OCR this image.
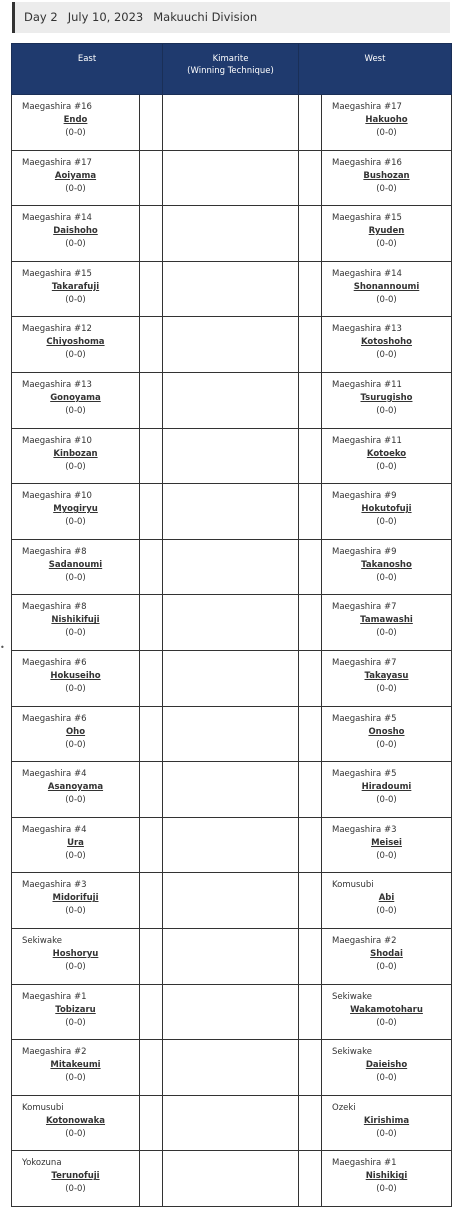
Day 2 July 10, 2023 Makuuchi Division
•
East		Kimarite
(Winning Technique)	West	

Maegashira #16
Endo
(0-0)				Maegashira #17
Hakuoho
(0-0)

Maegashira #17
Aoiyama
(0-0)				Maegashira #16
Bushozan
(0-0)

Maegashira #14
Daishoho
(0-0)				Maegashira #15
Ryuden
(0-0)

Maegashira #15
Takarafuji
(0-0)				Maegashira #14
Shonannoumi
(0-0)

Maegashira #12
Chiyoshoma
(0-0)				Maegashira #13
Kotoshoho
(0-0)

Maegashira #13
Gonoyama
(0-0)				Maegashira #11
Tsurugisho
(0-0)

Maegashira #10
Kinbozan
(0-0)				Maegashira #11
Kotoeko
(0-0)

Maegashira #10
Myogiryu
(0-0)				Maegashira #9
Hokutofuji
(0-0)

Maegashira #8
Sadanoumi
(0-0)				Maegashira #9
Takanosho
(0-0)

Maegashira #8
Nishikifuji
(0-0)				Maegashira #7
Tamawashi
(0-0)

Maegashira #6
Hokuseiho
(0-0)				Maegashira #7
Takayasu
(0-0)

Maegashira #6
Oho
(0-0)				Maegashira #5
Onosho
(0-0)

Maegashira #4
Asanoyama
(0-0)				Maegashira #5
Hiradoumi
(0-0)

Maegashira #4
Ura
(0-0)				Maegashira #3
Meisei
(0-0)

Maegashira #3
Midorifuji
(0-0)				Komusubi
Abi
(0-0)

Sekiwake
Hoshoryu
(0-0)				Maegashira #2
Shodai
(0-0)

Maegashira #1
Tobizaru
(0-0)				Sekiwake
Wakamotoharu
(0-0)

Maegashira #2
Mitakeumi
(0-0)				Sekiwake
Daieisho
(0-0)

Komusubi
Kotonowaka
(0-0)				Ozeki
Kirishima
(0-0)

Yokozuna
Terunofuji
(0-0)				Maegashira #1
Nishikigi
(0-0)
